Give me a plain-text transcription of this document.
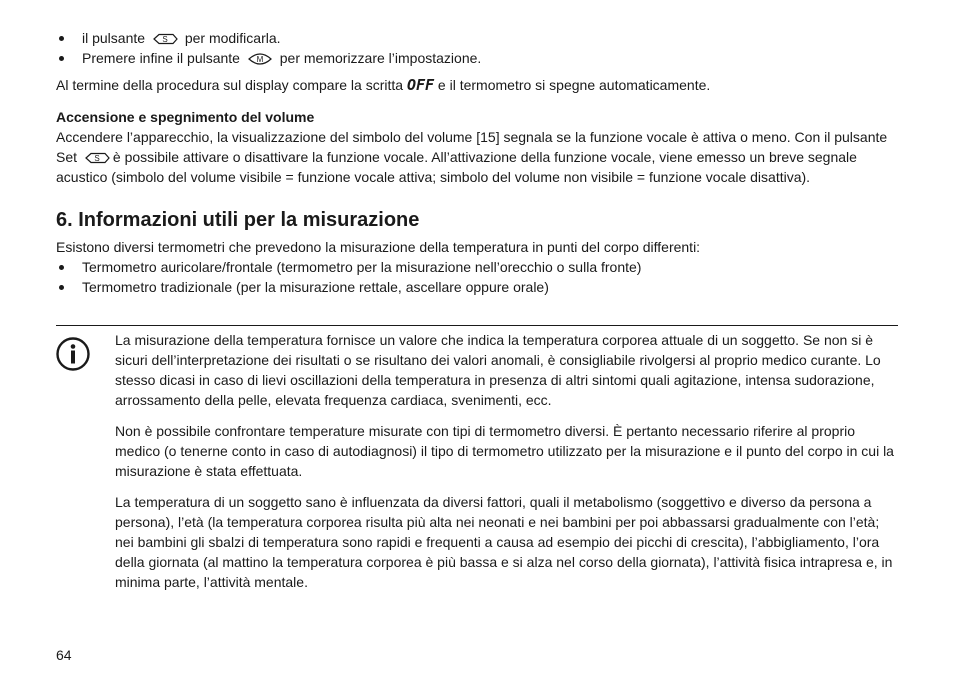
il pulsante S per modificarla.
Premere infine il pulsante M per memorizzare l’impostazione.

Al termine della procedura sul display compare la scritta OFF e il termometro si spegne automaticamente.

Accensione e spegnimento del volume

Accendere l’apparecchio, la visualizzazione del simbolo del volume [15] segnala se la funzione vocale è attiva o meno. Con il pulsante Set S è possibile attivare o disattivare la funzione vocale. All’attivazione della funzione vocale, viene emesso un breve segnale acustico (simbolo del volume visibile = funzione vocale attiva; simbolo del volume non visibile = funzione vocale disattiva).

6. Informazioni utili per la misurazione

Esistono diversi termometri che prevedono la misurazione della temperatura in punti del corpo differenti:

Termometro auricolare/frontale (termometro per la misurazione nell’orecchio o sulla fronte)
Termometro tradizionale (per la misurazione rettale, ascellare oppure orale)

La misurazione della temperatura fornisce un valore che indica la temperatura corporea attuale di un soggetto. Se non si è sicuri dell’interpretazione dei risultati o se risultano dei valori anomali, è consigliabile rivolgersi al proprio medico curante. Lo stesso dicasi in caso di lievi oscillazioni della temperatura in presenza di altri sintomi quali agitazione, intensa sudorazione, arrossamento della pelle, elevata frequenza cardiaca, svenimenti, ecc.

Non è possibile confrontare temperature misurate con tipi di termometro diversi. È pertanto necessario riferire al proprio medico (o tenerne conto in caso di autodiagnosi) il tipo di termometro utilizzato per la misurazione e il punto del corpo in cui la misurazione è stata effettuata.

La temperatura di un soggetto sano è influenzata da diversi fattori, quali il metabolismo (soggettivo e diverso da persona a persona), l’età (la temperatura corporea risulta più alta nei neonati e nei bambini per poi abbassarsi gradualmente con l’età; nei bambini gli sbalzi di temperatura sono rapidi e frequenti a causa ad esempio dei picchi di crescita), l’abbigliamento, l’ora della giornata (al mattino la temperatura corporea è più bassa e si alza nel corso della giornata), l’attività fisica intrapresa e, in minima parte, l’attività mentale.

64
